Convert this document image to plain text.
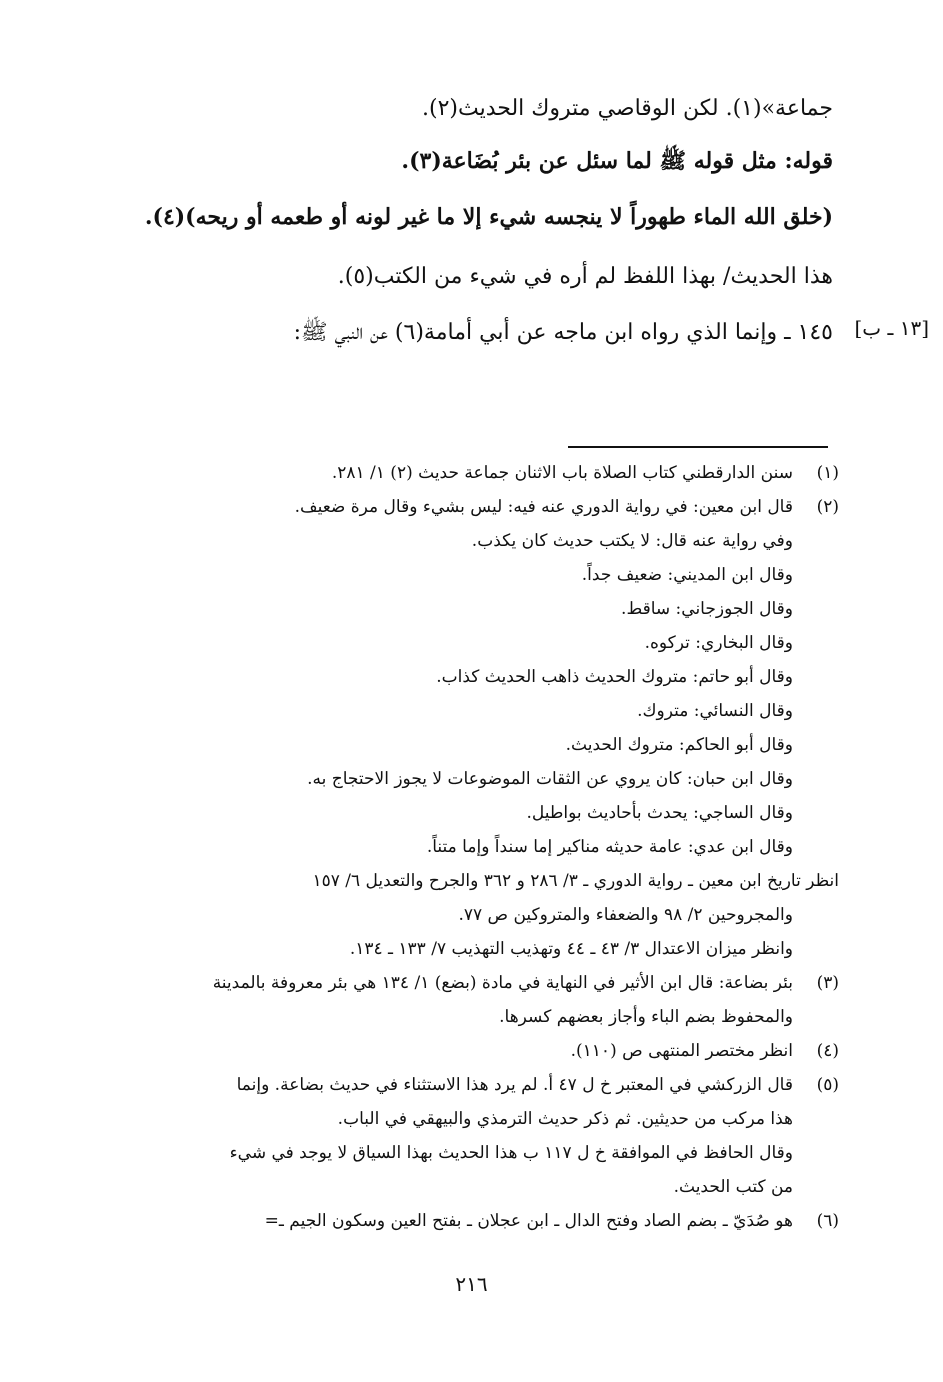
جماعة»(١). لكن الوقاصي متروك الحديث(٢).
قوله: مثل قوله ﷺ لما سئل عن بئر بُضَاعة(٣).
(خلق الله الماء طهوراً لا ينجسه شيء إلا ما غير لونه أو طعمه أو ريحه)(٤).
هذا الحديث/ بهذا اللفظ لم أره في شيء من الكتب(٥).
١٤٥ ـ وإنما الذي رواه ابن ماجه عن أبي أمامة(٦) عن النبي ﷺ: [١٣ ـ ب]
(١)
سنن الدارقطني كتاب الصلاة باب الاثنان جماعة حديث (٢) ١/ ٢٨١.
(٢)
قال ابن معين: في رواية الدوري عنه فيه: ليس بشيء وقال مرة ضعيف.
وفي رواية عنه قال: لا يكتب حديث كان يكذب.
وقال ابن المديني: ضعيف جداً.
وقال الجوزجاني: ساقط.
وقال البخاري: تركوه.
وقال أبو حاتم: متروك الحديث ذاهب الحديث كذاب.
وقال النسائي: متروك.
وقال أبو الحاكم: متروك الحديث.
وقال ابن حبان: كان يروي عن الثقات الموضوعات لا يجوز الاحتجاج به.
وقال الساجي: يحدث بأحاديث بواطيل.
وقال ابن عدي: عامة حديثه مناكير إما سنداً وإما متناً.
انظر تاريخ ابن معين ـ رواية الدوري ـ ٣/ ٢٨٦ و ٣٦٢ والجرح والتعديل ٦/ ١٥٧
والمجروحين ٢/ ٩٨ والضعفاء والمتروكين ص ٧٧.
وانظر ميزان الاعتدال ٣/ ٤٣ ـ ٤٤ وتهذيب التهذيب ٧/ ١٣٣ ـ ١٣٤.
(٣)
بئر بضاعة: قال ابن الأثير في النهاية في مادة (بضع) ١/ ١٣٤ هي بئر معروفة بالمدينة
والمحفوظ بضم الباء وأجاز بعضهم كسرها.
(٤)
انظر مختصر المنتهى ص (١١٠).
(٥)
قال الزركشي في المعتبر خ ل ٤٧ أ. لم يرد هذا الاستثناء في حديث بضاعة. وإنما
هذا مركب من حديثين. ثم ذكر حديث الترمذي والبيهقي في الباب.
وقال الحافظ في الموافقة خ ل ١١٧ ب هذا الحديث بهذا السياق لا يوجد في شيء
من كتب الحديث.
(٦)
هو صُدَيّ ـ بضم الصاد وفتح الدال ـ ابن عجلان ـ بفتح العين وسكون الجيم ـ=
٢١٦
